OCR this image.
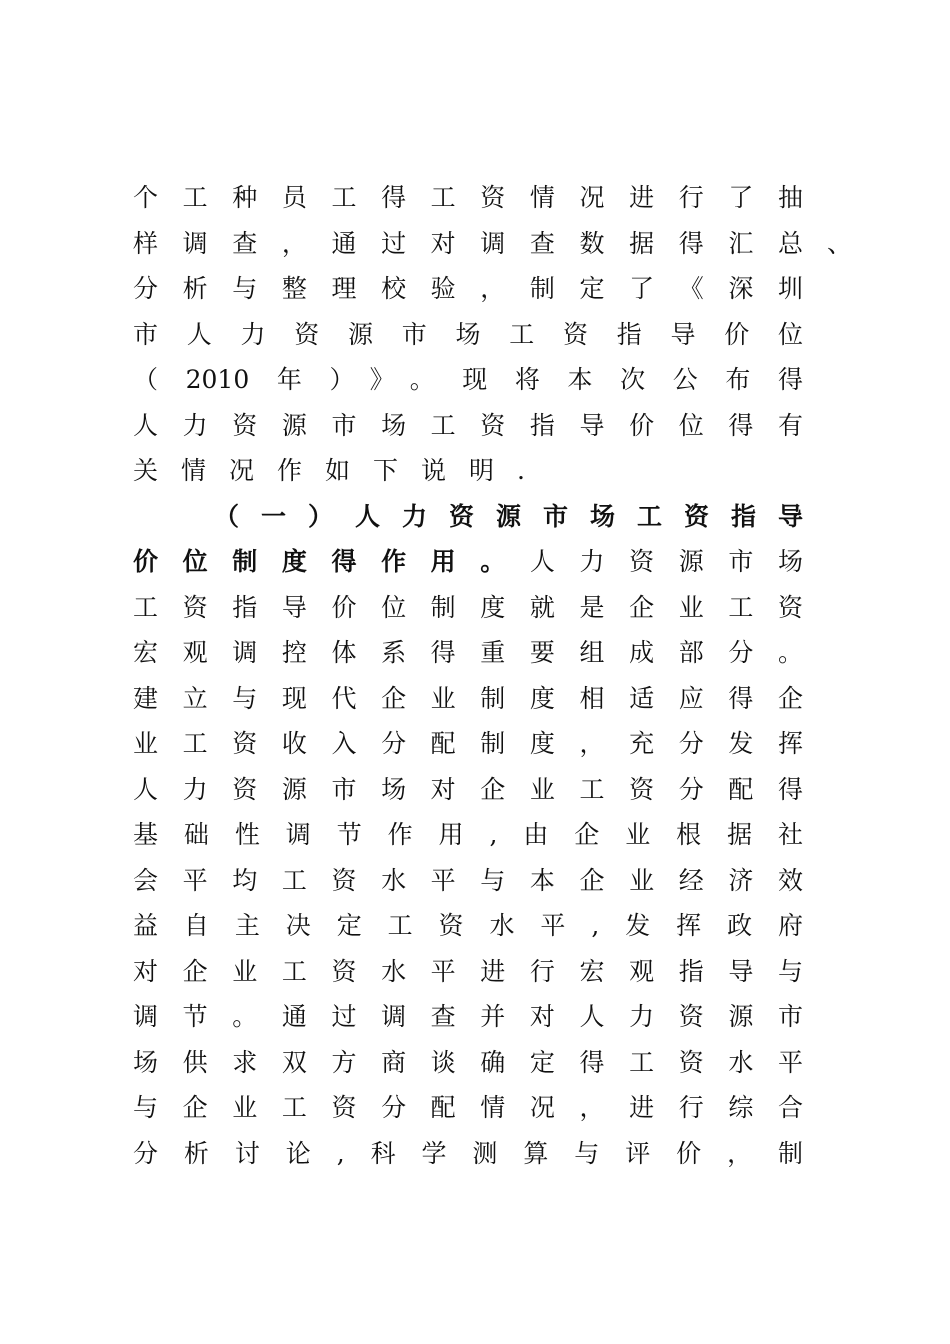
个工种员工得工资情况进行了抽
样调查，通过对调查数据得汇总 、
分析与整理校验，制定了《深圳
市人力资源市场工资指导价位
（2010年）》。现将本次公布得
人力资源市场工资指导价位得有
关情况作如下说明.
（一）人力资源市场工资指导
价位制度得作用。人力资源市场
工资指导价位制度就是企业工资
宏观调控体系得重要组成部分。
建立与现代企业制度相适应得企
业工资收入分配制度，充分发挥
人力资源市场对企业工资分配得
基础性调节作用,由企业根据社
会平均工资水平与本企业经济效
益自主决定工资水平,发挥政府
对企业工资水平进行宏观指导与
调节。通过调查并对人力资源市
场供求双方商谈确定得工资水平
与企业工资分配情况，进行综合
分析讨论,科学测算与评价，制
